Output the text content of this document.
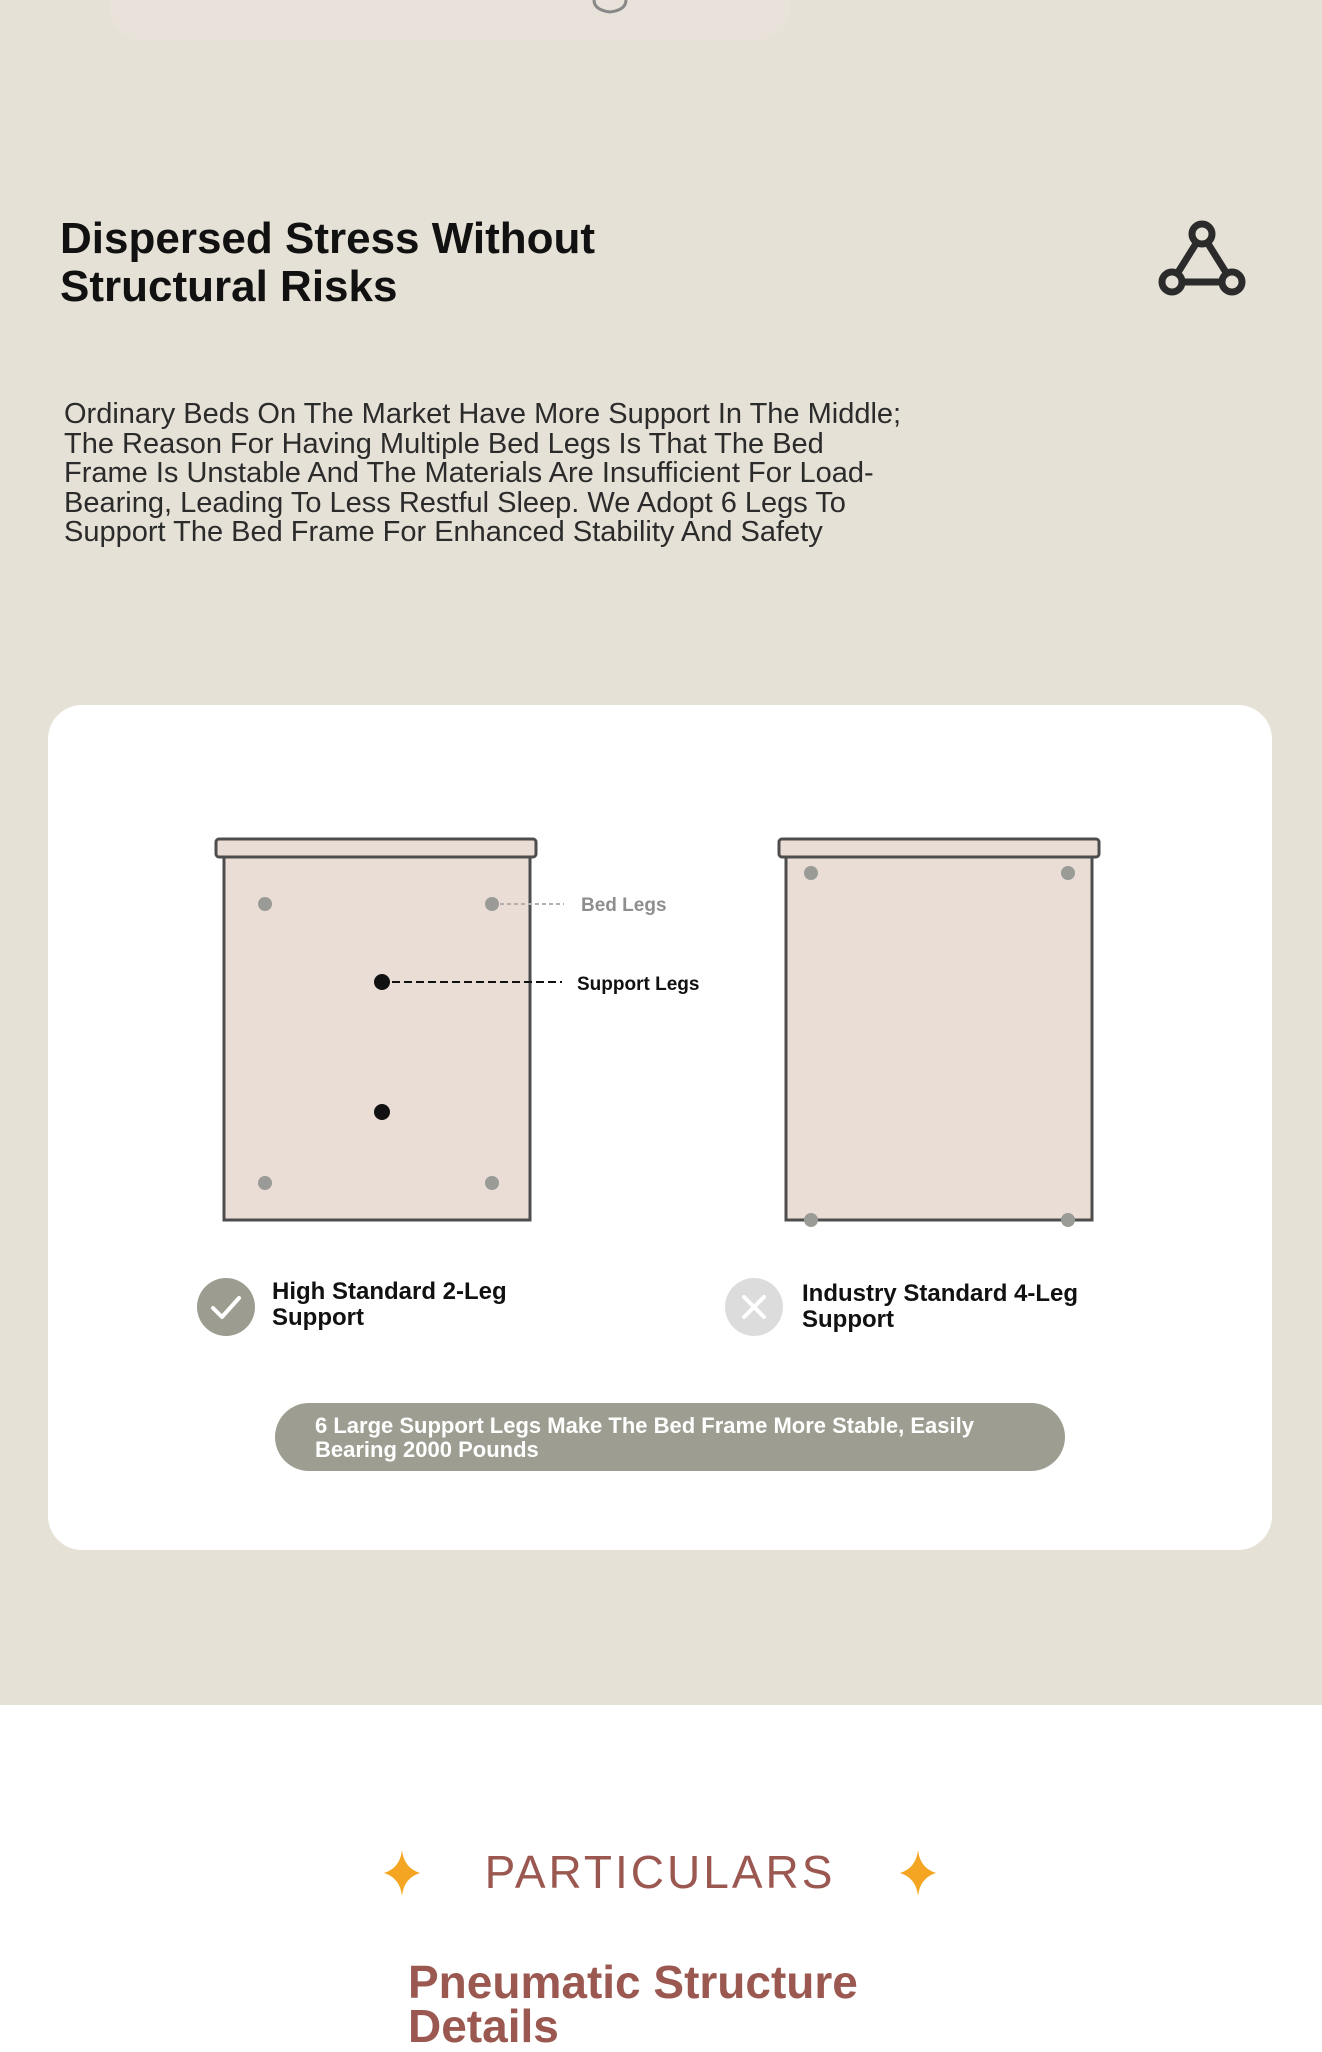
Dispersed Stress Without Structural Risks

Ordinary Beds On The Market Have More Support In The Middle; The Reason For Having Multiple Bed Legs Is That The Bed Frame Is Unstable And The Materials Are Insufficient For Load-Bearing, Leading To Less Restful Sleep. We Adopt 6 Legs To Support The Bed Frame For Enhanced Stability And Safety

Bed Legs
Support Legs
High Standard 2-Leg Support
Industry Standard 4-Leg Support
6 Large Support Legs Make The Bed Frame More Stable, Easily Bearing 2000 Pounds
PARTICULARS
Pneumatic Structure Details
